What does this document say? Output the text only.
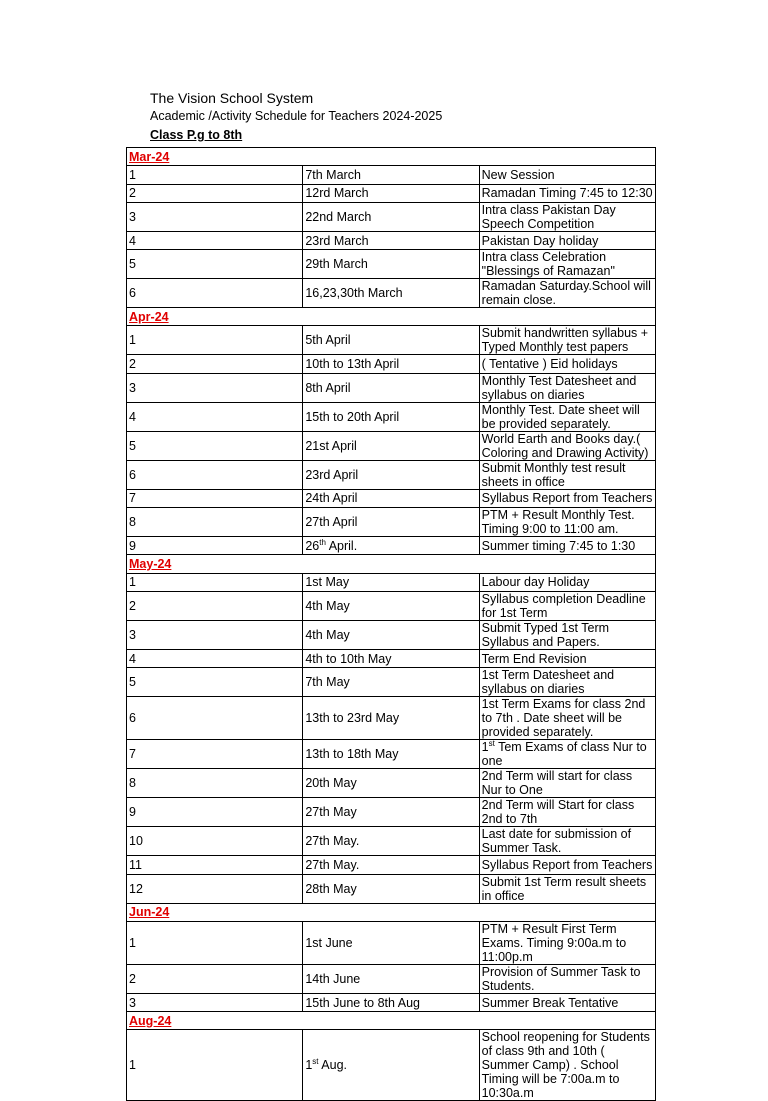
The Vision School System
Academic /Activity Schedule for Teachers 2024-2025
Class P.g to 8th
Mar-24		
1	7th March	New Session
2	12rd March	Ramadan Timing 7:45 to 12:30
3	22nd March	Intra class Pakistan Day Speech Competition
4	23rd March	Pakistan Day holiday
5	29th March	Intra class Celebration "Blessings of Ramazan"
6	16,23,30th March	Ramadan Saturday.School will remain close.
Apr-24		
1	5th April	Submit handwritten syllabus + Typed Monthly test papers
2	10th to 13th April	( Tentative ) Eid holidays
3	8th April	Monthly Test Datesheet and syllabus on diaries
4	15th to 20th April	Monthly Test. Date sheet will be provided separately.
5	21st April	World Earth and Books day.( Coloring and Drawing Activity)
6	23rd April	Submit Monthly test result sheets in office
7	24th April	Syllabus Report from Teachers
8	27th April	PTM + Result Monthly Test. Timing 9:00 to 11:00 am.
9	26th April.	Summer timing 7:45 to 1:30
May-24		
1	1st May	Labour day Holiday
2	4th May	Syllabus completion Deadline for 1st Term
3	4th May	Submit Typed 1st Term Syllabus and Papers.
4	4th to 10th May	Term End Revision
5	7th May	1st Term Datesheet and syllabus on diaries
6	13th to 23rd May	1st Term Exams for class 2nd to 7th . Date sheet will be provided separately.
7	13th to 18th May	1st Tem Exams of class Nur to one
8	20th May	2nd Term will start for class Nur to One
9	27th May	2nd Term will Start for class 2nd to 7th
10	27th May.	Last date for submission of Summer Task.
11	27th May.	Syllabus Report from Teachers
12	28th May	Submit 1st Term result sheets in office
Jun-24		
1	1st June	PTM + Result First Term Exams. Timing 9:00a.m to 11:00p.m
2	14th June	Provision of Summer Task to Students.
3	15th June to 8th Aug	Summer Break Tentative
Aug-24		
1	1st Aug.	School reopening for Students of class 9th and 10th ( Summer Camp) . School Timing will be 7:00a.m to 10:30a.m
